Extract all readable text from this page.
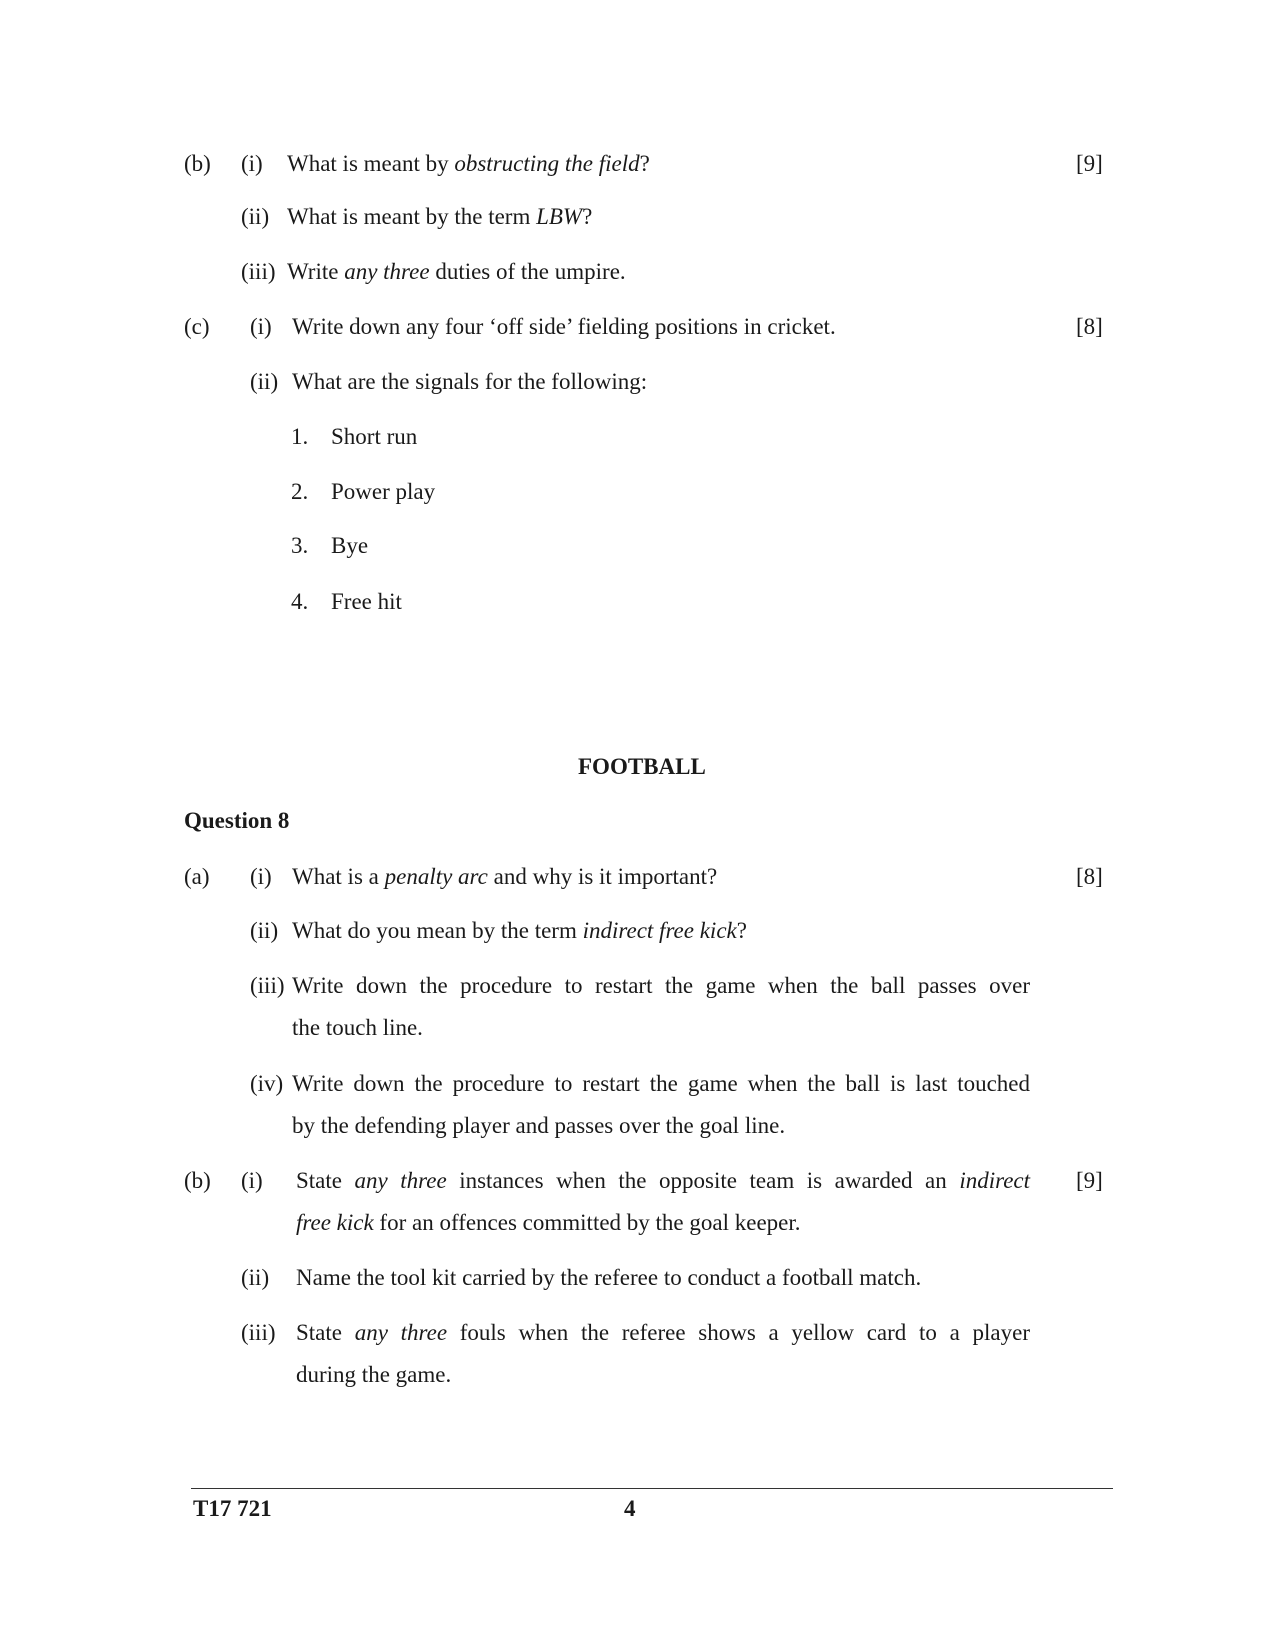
(b)	[9]
(i) What is meant by obstructing the field?
(ii) What is meant by the term LBW?
(iii) Write any three duties of the umpire.
(c)	[8]
(i) Write down any four ‘off side’ fielding positions in cricket.
(ii) What are the signals for the following:
1. Short run
2. Power play
3. Bye
4. Free hit
FOOTBALL
Question 8
(a)	[8]
(i) What is a penalty arc and why is it important?
(ii) What do you mean by the term indirect free kick?
(iii) Write down the procedure to restart the game when the ball passes over
the touch line.
(iv) Write down the procedure to restart the game when the ball is last touched
by the defending player and passes over the goal line.
(b)	[9]
(i) State any three instances when the opposite team is awarded an indirect
free kick for an offences committed by the goal keeper.
(ii) Name the tool kit carried by the referee to conduct a football match.
(iii) State any three fouls when the referee shows a yellow card to a player
during the game.
T17 721	4
